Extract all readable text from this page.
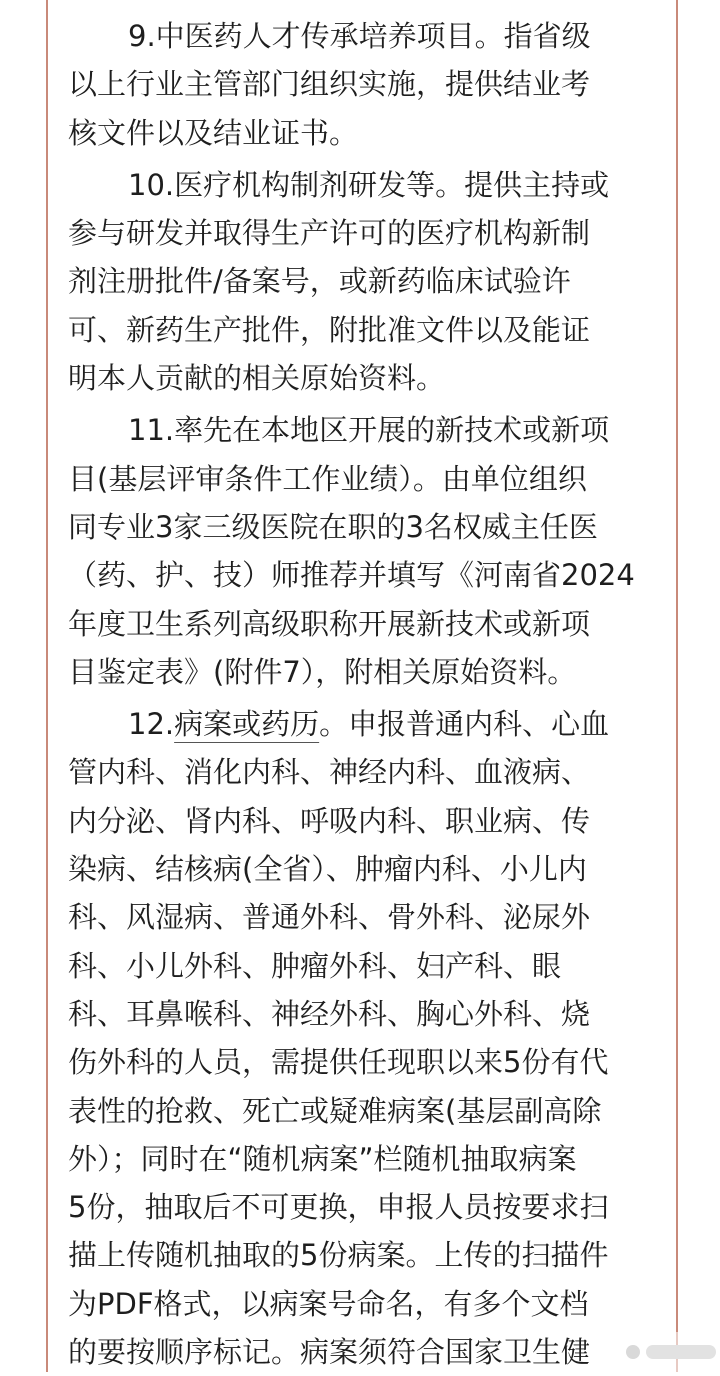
9.中医药人才传承培养项目。指省级
以上行业主管部门组织实施，提供结业考
核文件以及结业证书。
10.医疗机构制剂研发等。提供主持或
参与研发并取得生产许可的医疗机构新制
剂注册批件/备案号，或新药临床试验许
可、新药生产批件，附批准文件以及能证
明本人贡献的相关原始资料。
11.率先在本地区开展的新技术或新项
目(基层评审条件工作业绩）。由单位组织
同专业3家三级医院在职的3名权威主任医
（药、护、技）师推荐并填写《河南省2024
年度卫生系列高级职称开展新技术或新项
目鉴定表》(附件7），附相关原始资料。
12.病案或药历。申报普通内科、心血
管内科、消化内科、神经内科、血液病、
内分泌、肾内科、呼吸内科、职业病、传
染病、结核病(全省）、肿瘤内科、小儿内
科、风湿病、普通外科、骨外科、泌尿外
科、小儿外科、肿瘤外科、妇产科、眼
科、耳鼻喉科、神经外科、胸心外科、烧
伤外科的人员，需提供任现职以来5份有代
表性的抢救、死亡或疑难病案(基层副高除
外）；同时在“随机病案”栏随机抽取病案
5份，抽取后不可更换，申报人员按要求扫
描上传随机抽取的5份病案。上传的扫描件
为PDF格式，以病案号命名，有多个文档
的要按顺序标记。病案须符合国家卫生健
